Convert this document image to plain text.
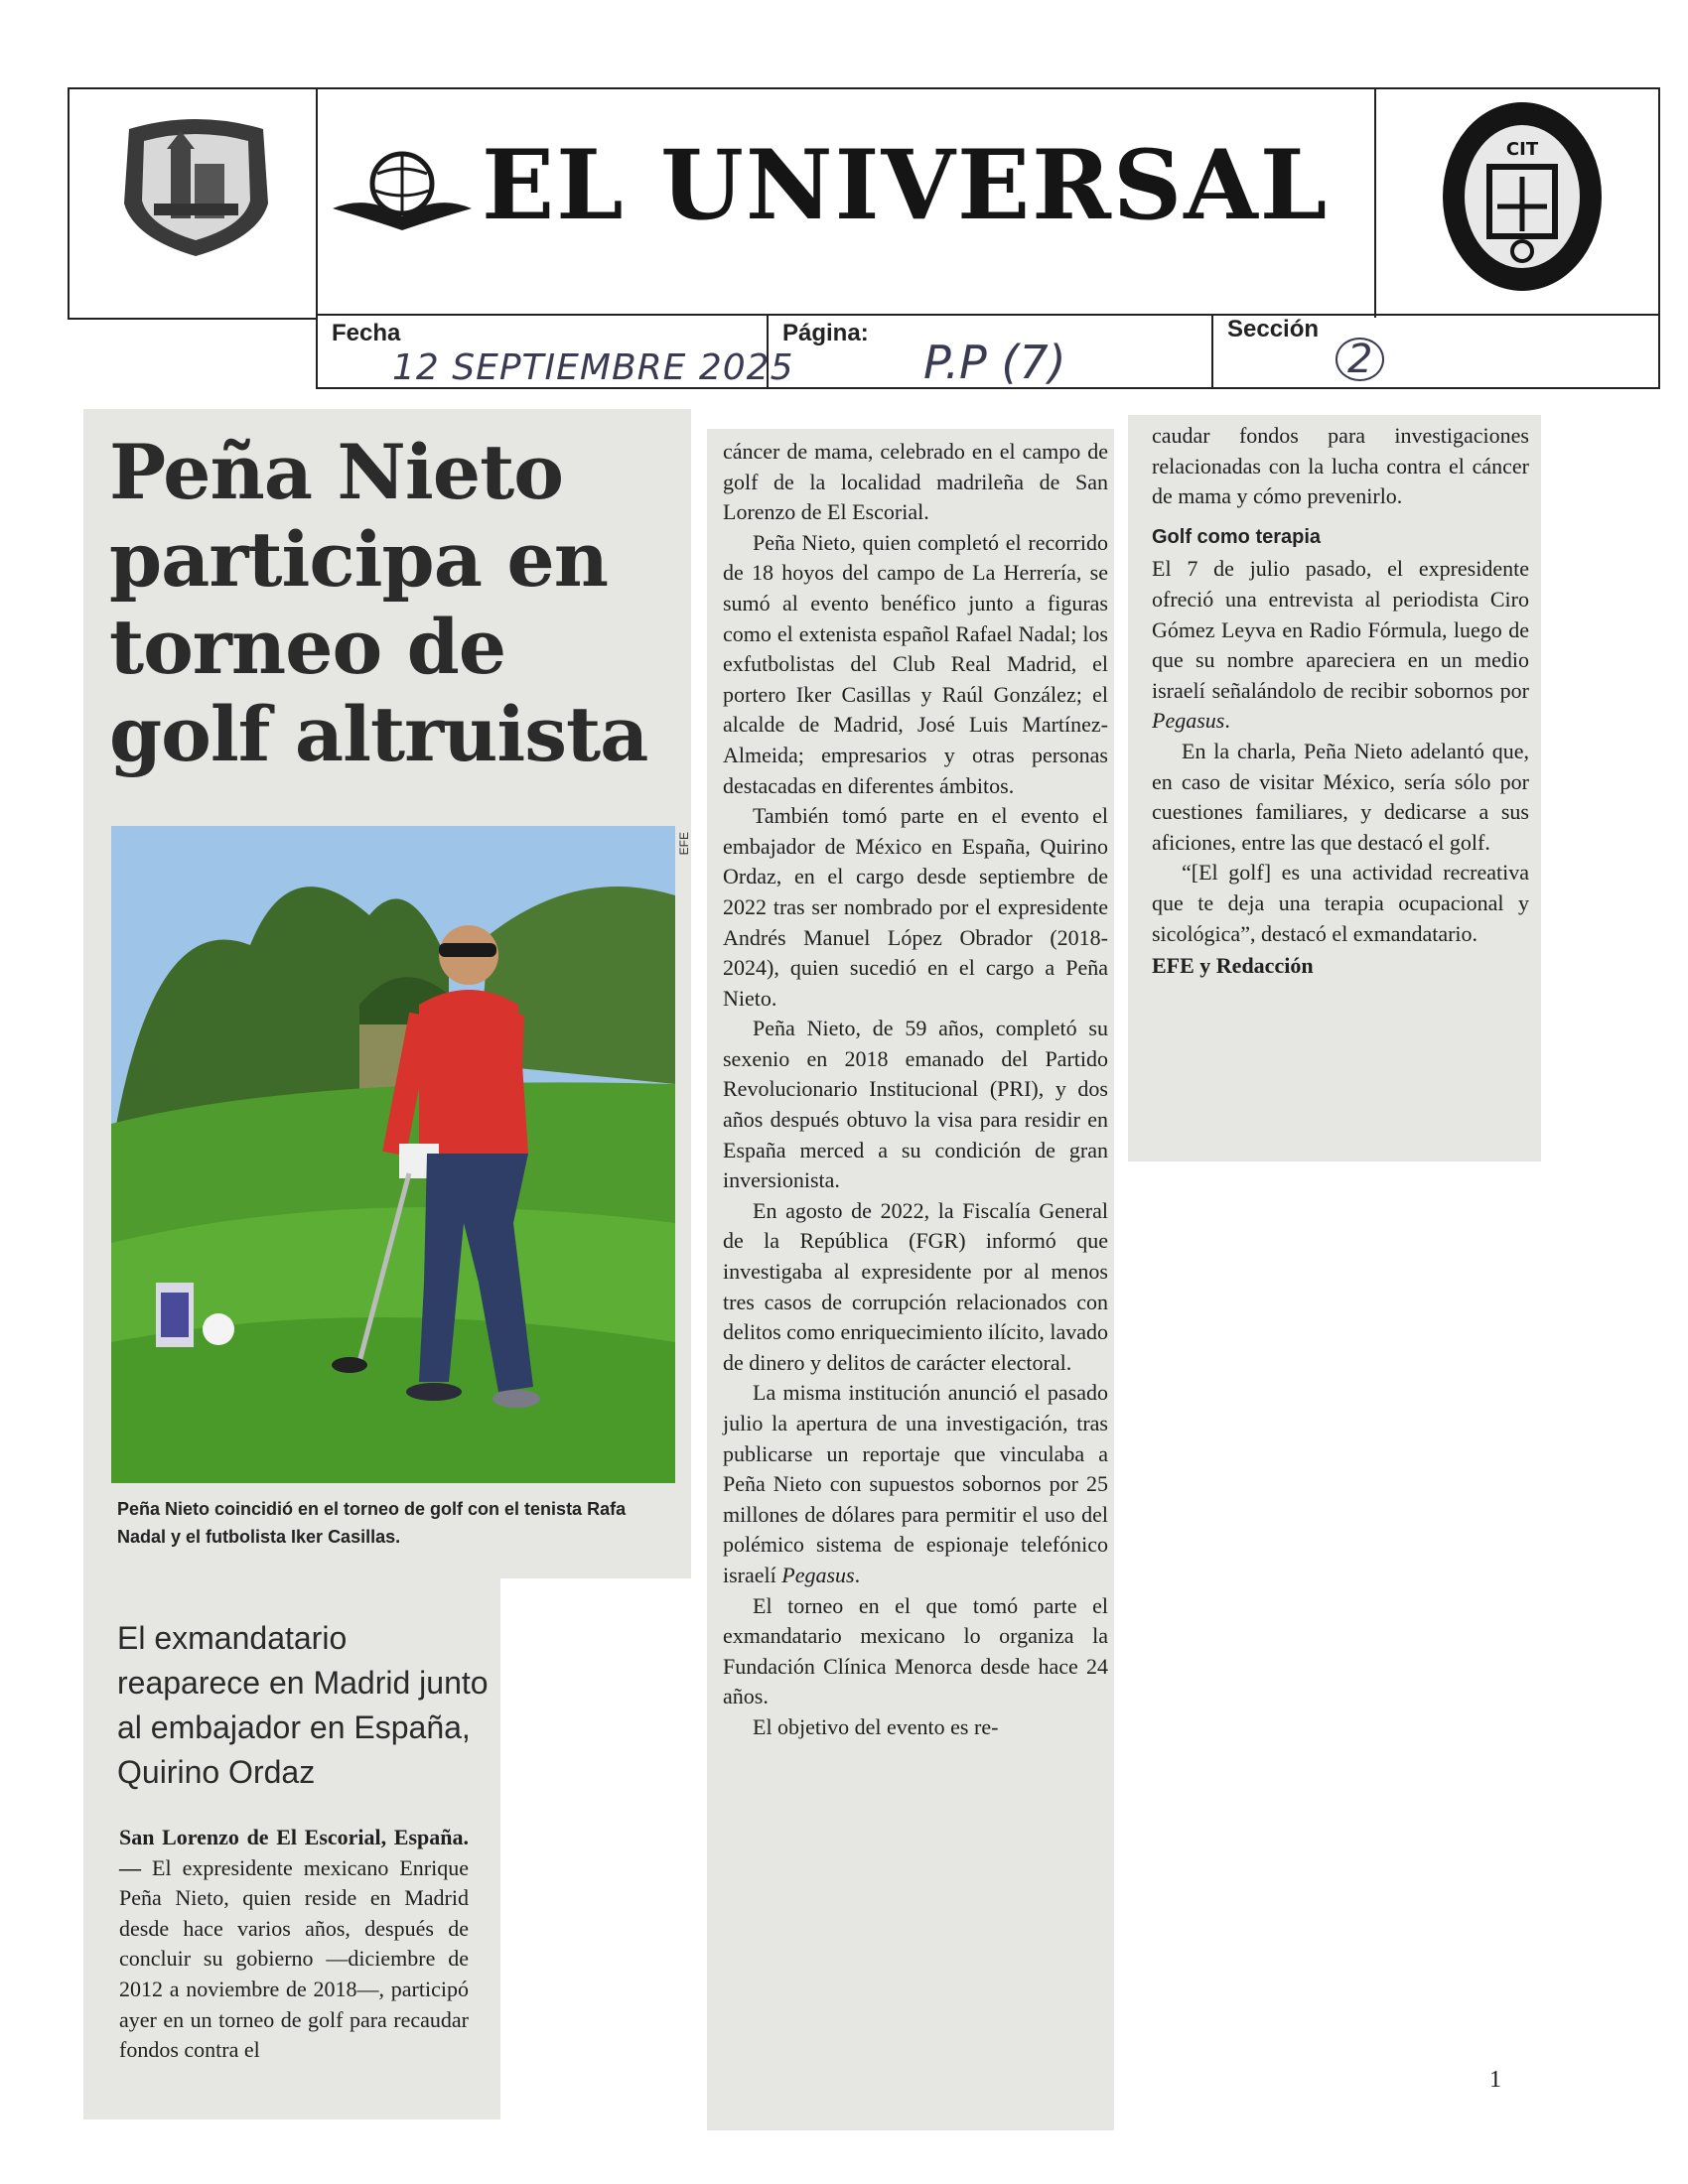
EL UNIVERSAL	CIT
Fecha
12 SEPTIEMBRE 2025
Página:
P.P (7)
Sección
2
Peña Nieto
participa en
torneo de
golf altruista
EFE
Peña Nieto coincidió en el torneo de golf con el tenista Rafa Nadal y el futbolista Iker Casillas.
El exmandatario reaparece en Madrid junto al embajador en España, Quirino Ordaz

San Lorenzo de El Escorial, España.— El expresidente mexicano Enrique Peña Nieto, quien reside en Madrid desde hace varios años, después de concluir su gobierno —diciembre de 2012 a noviembre de 2018—, participó ayer en un torneo de golf para recaudar fondos contra el

cáncer de mama, celebrado en el campo de golf de la localidad madrileña de San Lorenzo de El Escorial.

Peña Nieto, quien completó el recorrido de 18 hoyos del campo de La Herrería, se sumó al evento benéfico junto a figuras como el extenista español Rafael Nadal; los exfutbolistas del Club Real Madrid, el portero Iker Casillas y Raúl González; el alcalde de Madrid, José Luis Martínez-Almeida; empresarios y otras personas destacadas en diferentes ámbitos.

También tomó parte en el evento el embajador de México en España, Quirino Ordaz, en el cargo desde septiembre de 2022 tras ser nombrado por el expresidente Andrés Manuel López Obrador (2018-2024), quien sucedió en el cargo a Peña Nieto.

Peña Nieto, de 59 años, completó su sexenio en 2018 emanado del Partido Revolucionario Institucional (PRI), y dos años después obtuvo la visa para residir en España merced a su condición de gran inversionista.

En agosto de 2022, la Fiscalía General de la República (FGR) informó que investigaba al expresidente por al menos tres casos de corrupción relacionados con delitos como enriquecimiento ilícito, lavado de dinero y delitos de carácter electoral.

La misma institución anunció el pasado julio la apertura de una investigación, tras publicarse un reportaje que vinculaba a Peña Nieto con supuestos sobornos por 25 millones de dólares para permitir el uso del polémico sistema de espionaje telefónico israelí Pegasus.

El torneo en el que tomó parte el exmandatario mexicano lo organiza la Fundación Clínica Menorca desde hace 24 años.

El objetivo del evento es re-

caudar fondos para investigaciones relacionadas con la lucha contra el cáncer de mama y cómo prevenirlo.

Golf como terapia

El 7 de julio pasado, el expresidente ofreció una entrevista al periodista Ciro Gómez Leyva en Radio Fórmula, luego de que su nombre apareciera en un medio israelí señalándolo de recibir sobornos por Pegasus.

En la charla, Peña Nieto adelantó que, en caso de visitar México, sería sólo por cuestiones familiares, y dedicarse a sus aficiones, entre las que destacó el golf.

“[El golf] es una actividad recreativa que te deja una terapia ocupacional y sicológica”, destacó el exmandatario.

EFE y Redacción

1
